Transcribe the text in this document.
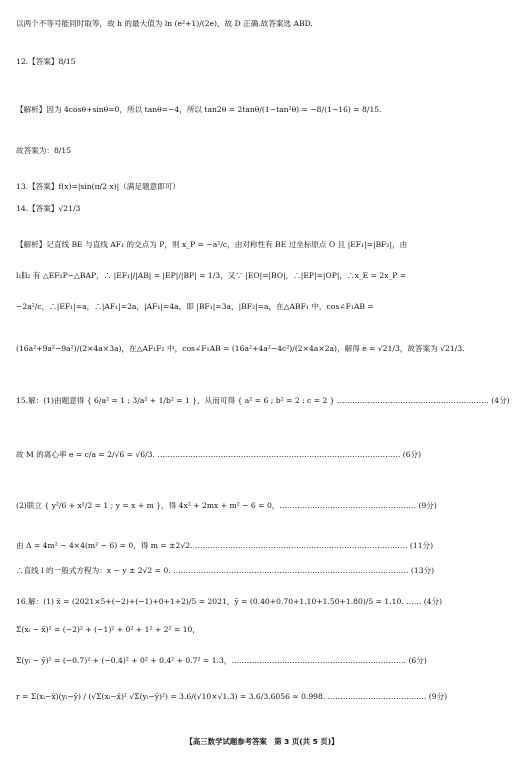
以两个不等号能同时取等，故 h 的最大值为 ln (e²+1)/(2e)，故 D 正确.故答案选 ABD.
12.【答案】8/15
【解析】因为 4cosθ+sinθ=0，所以 tanθ=−4，所以 tan2θ = 2tanθ/(1−tan²θ) = −8/(1−16) = 8/15.
故答案为：8/15
13.【答案】f(x)=|sin(π/2 x)|（满足题意即可）
14.【答案】√21/3
【解析】记直线 BE 与直线 AF₁ 的交点为 P，则 x_P = −a²/c，由对称性有 BE 过坐标原点 O 且 |EF₁|=|BF₂|，由
l₁∥l₂ 有 △EF₁P∽△BAP，∴ |EF₁|/|AB| = |EP|/|BP| = 1/3，又∵ |EO|=|BO|，∴|EP|=|OP|，∴x_E = 2x_P =
−2a²/c，∴|EF₁|=a，∴|AF₁|=2a，|AF₁|=4a，即 |BF₁|=3a，|BF₂|=a，在△ABF₁ 中，cos∠F₁AB =
(16a²+9a²−9a²)/(2×4a×3a)，在△AF₁F₂ 中，cos∠F₁AB = (16a²+4a²−4c²)/(2×4a×2a)，解得 e = √21/3，故答案为 √21/3.
15.解：(1)由题意得 { 6/a² = 1 ; 3/a² + 1/b² = 1 }，从而可得 { a² = 6 ; b² = 2 ; c = 2 } …………………………………………………… (4分)
故 M 的离心率 e = c/a = 2/√6 = √6/3. …………………………………………………………………………………… (6分)
(2)联立 { y²/6 + x²/2 = 1 ; y = x + m }，得 4x² + 2mx + m² − 6 = 0，……………………………………………… (9分)
由 Δ = 4m² − 4×4(m² − 6) = 0，得 m = ±2√2. ………………………………………………………………………… (11分)
∴直线 l 的一般式方程为：x − y ± 2√2 = 0. ………………………………………………………………………………… (13分)
16.解：(1) x̄ = (2021×5+(−2)+(−1)+0+1+2)/5 = 2021，ȳ = (0.40+0.70+1.10+1.50+1.80)/5 = 1.10. …… (4分)
Σ(xᵢ − x̄)² = (−2)² + (−1)² + 0² + 1² + 2² = 10，
Σ(yᵢ − ȳ)² = (−0.7)² + (−0.4)² + 0² + 0.4² + 0.7² = 1.3，…………………………………………………………… (6分)
r = Σ(xᵢ−x̄)(yᵢ−ȳ) / (√Σ(xᵢ−x̄)² √Σ(yᵢ−ȳ)²) = 3.6/(√10×√1.3) = 3.6/3.6056 ≈ 0.998. ………………………………… (9分)
【高三数学试题参考答案　第 3 页(共 5 页)】
